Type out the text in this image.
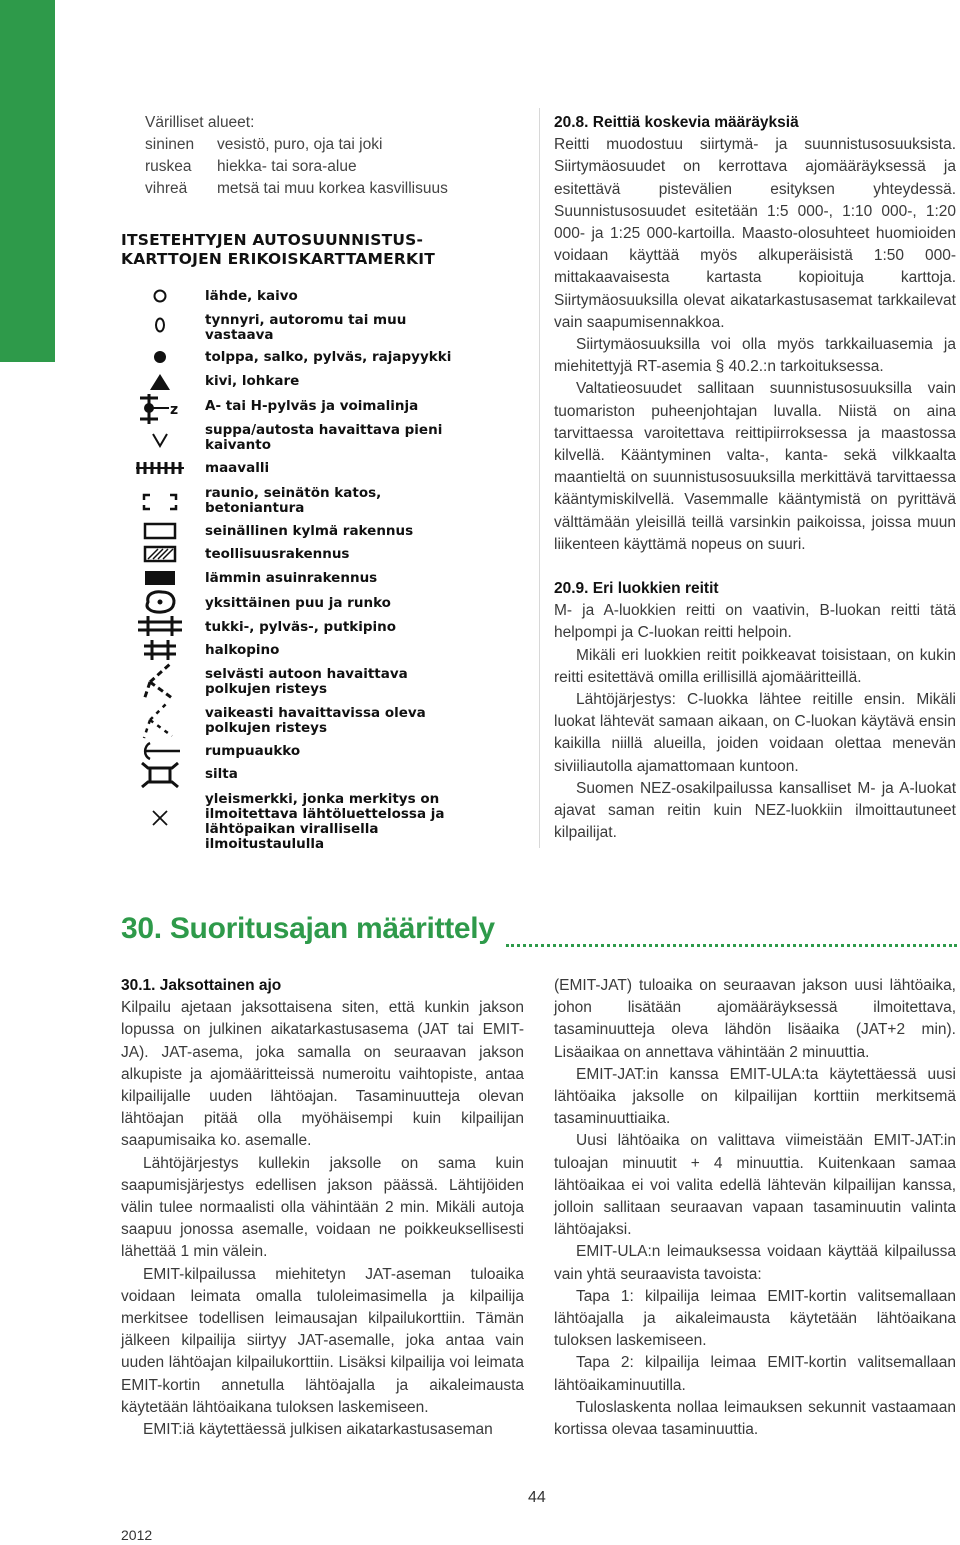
Värilliset alueet:
sininen	vesistö, puro, oja tai joki
ruskea	hiekka- tai sora-alue
vihreä	metsä tai muu korkea kasvillisuus
ITSETEHTYJEN AUTOSUUNNISTUS-
KARTTOJEN ERIKOISKARTTAMERKIT
lähde, kaivo
tynnyri, autoromu tai muu
vastaava
tolppa, salko, pylväs, rajapyykki
kivi, lohkare
z A- tai H-pylväs ja voimalinja
suppa/autosta havaittava pieni
kaivanto
maavalli
raunio, seinätön katos,
betoniantura
seinällinen kylmä rakennus
teollisuusrakennus
lämmin asuinrakennus
yksittäinen puu ja runko
tukki-, pylväs-, putkipino
halkopino
selvästi autoon havaittava
polkujen risteys
vaikeasti havaittavissa oleva
polkujen risteys
rumpuaukko
silta
yleismerkki, jonka merkitys on
ilmoitettava lähtöluettelossa ja
lähtöpaikan virallisella
ilmoitustaululla
20.8. Reittiä koskevia määräyksiä

Reitti muodostuu siirtymä- ja suunnistusosuuksista. Siirtymäosuudet on kerrottava ajomääräyksessä ja esitettävä pistevälien esityksen yhteydessä. Suunnistusosuudet esitetään 1:5 000-, 1:10 000-, 1:20 000- ja 1:25 000-kartoilla. Maasto-olosuhteet huomioiden voidaan käyttää myös alkuperäisistä 1:50 000-mittakaavaisesta kartasta kopioituja karttoja. Siirtymäosuuksilla olevat aikatarkastusasemat tarkkailevat vain saapumisennakkoa.

Siirtymäosuuksilla voi olla myös tarkkailuasemia ja miehitettyjä RT-asemia § 40.2.:n tarkoituksessa.

Valtatieosuudet sallitaan suunnistusosuuksilla vain tuomariston puheenjohtajan luvalla. Niistä on aina tarvittaessa varoitettava reittipiirroksessa ja maastossa kilvellä. Kääntyminen valta-, kanta- sekä vilkkaalta maantieltä on suunnistusosuuksilla merkittävä tarvittaessa kääntymiskilvellä. Vasemmalle kääntymistä on pyrittävä välttämään yleisillä teillä varsinkin paikoissa, joissa muun liikenteen käyttämä nopeus on suuri.

20.9. Eri luokkien reitit

M- ja A-luokkien reitti on vaativin, B-luokan reitti tätä helpompi ja C-luokan reitti helpoin.

Mikäli eri luokkien reitit poikkeavat toisistaan, on kukin reitti esitettävä omilla erillisillä ajomääritteillä.

Lähtöjärjestys: C-luokka lähtee reitille ensin. Mikäli luokat lähtevät samaan aikaan, on C-luokan käytävä ensin kaikilla niillä alueilla, joiden voidaan olettaa menevän siviiliautolla ajamattomaan kuntoon.

Suomen NEZ-osakilpailussa kansalliset M- ja A-luokat ajavat saman reitin kuin NEZ-luokkiin ilmoittautuneet kilpailijat.

30. Suoritusajan määrittely
30.1. Jaksottainen ajo

Kilpailu ajetaan jaksottaisena siten, että kunkin jakson lopussa on julkinen aikatarkastusasema (JAT tai EMIT-JA). JAT-asema, joka samalla on seuraavan jakson alkupiste ja ajomääritteissä numeroitu vaihtopiste, antaa kilpailijalle uuden lähtöajan. Tasaminuutteja olevan lähtöajan pitää olla myöhäisempi kuin kilpailijan saapumisaika ko. asemalle.

Lähtöjärjestys kullekin jaksolle on sama kuin saapumisjärjestys edellisen jakson päässä. Lähtijöiden välin tulee normaalisti olla vähintään 2 min. Mikäli autoja saapuu jonossa asemalle, voidaan ne poikkeuksellisesti lähettää 1 min välein.

EMIT-kilpailussa miehitetyn JAT-aseman tuloaika voidaan leimata omalla tuloleimasimella ja kilpailija merkitsee todellisen leimausajan kilpailukorttiin. Tämän jälkeen kilpailija siirtyy JAT-asemalle, joka antaa vain uuden lähtöajan kilpailukorttiin. Lisäksi kilpailija voi leimata EMIT-kortin annetulla lähtöajalla ja aikaleimausta käytetään lähtöaikana tuloksen laskemiseen.

EMIT:iä käytettäessä julkisen aikatarkastusaseman

(EMIT-JAT) tuloaika on seuraavan jakson uusi lähtöaika, johon lisätään ajomääräyksessä ilmoitettava, tasaminuutteja oleva lähdön lisäaika (JAT+2 min). Lisäaikaa on annettava vähintään 2 minuuttia.

EMIT-JAT:in kanssa EMIT-ULA:ta käytettäessä uusi lähtöaika jaksolle on kilpailijan korttiin merkitsemä tasaminuuttiaika.

Uusi lähtöaika on valittava viimeistään EMIT-JAT:in tuloajan minuutit + 4 minuuttia. Kuitenkaan samaa lähtöaikaa ei voi valita edellä lähtevän kilpailijan kanssa, jolloin sallitaan seuraavan vapaan tasaminuutin valinta lähtöajaksi.

EMIT-ULA:n leimauksessa voidaan käyttää kilpailussa vain yhtä seuraavista tavoista:

Tapa 1: kilpailija leimaa EMIT-kortin valitsemallaan lähtöajalla ja aikaleimausta käytetään lähtöaikana tuloksen laskemiseen.

Tapa 2: kilpailija leimaa EMIT-kortin valitsemallaan lähtöaikaminuutilla.

Tuloslaskenta nollaa leimauksen sekunnit vastaamaan kortissa olevaa tasaminuuttia.

44
2012
